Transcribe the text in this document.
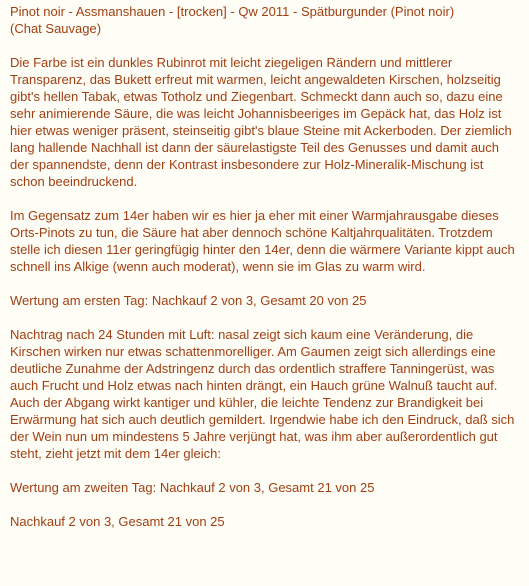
Pinot noir - Assmanshauen - [trocken] - Qw 2011 - Spätburgunder (Pinot noir)
(Chat Sauvage)

Die Farbe ist ein dunkles Rubinrot mit leicht ziegeligen Rändern und mittlerer Transparenz, das Bukett erfreut mit warmen, leicht angewaldeten Kirschen, holzseitig gibt's hellen Tabak, etwas Totholz und Ziegenbart. Schmeckt dann auch so, dazu eine sehr animierende Säure, die was leicht Johannisbeeriges im Gepäck hat, das Holz ist hier etwas weniger präsent, steinseitig gibt's blaue Steine mit Ackerboden. Der ziemlich lang hallende Nachhall ist dann der säurelastigste Teil des Genusses und damit auch der spannendste, denn der Kontrast insbesondere zur Holz-Mineralik-Mischung ist schon beeindruckend.

Im Gegensatz zum 14er haben wir es hier ja eher mit einer Warmjahrausgabe dieses Orts-Pinots zu tun, die Säure hat aber dennoch schöne Kaltjahrqualitäten. Trotzdem stelle ich diesen 11er geringfügig hinter den 14er, denn die wärmere Variante kippt auch schnell ins Alkige (wenn auch moderat), wenn sie im Glas zu warm wird.

Wertung am ersten Tag: Nachkauf 2 von 3, Gesamt 20 von 25

Nachtrag nach 24 Stunden mit Luft: nasal zeigt sich kaum eine Veränderung, die Kirschen wirken nur etwas schattenmorelliger. Am Gaumen zeigt sich allerdings eine deutliche Zunahme der Adstringenz durch das ordentlich straffere Tanningerüst, was auch Frucht und Holz etwas nach hinten drängt, ein Hauch grüne Walnuß taucht auf. Auch der Abgang wirkt kantiger und kühler, die leichte Tendenz zur Brandigkeit bei Erwärmung hat sich auch deutlich gemildert. Irgendwie habe ich den Eindruck, daß sich der Wein nun um mindestens 5 Jahre verjüngt hat, was ihm aber außerordentlich gut steht, zieht jetzt mit dem 14er gleich:

Wertung am zweiten Tag: Nachkauf 2 von 3, Gesamt 21 von 25

Nachkauf 2 von 3, Gesamt 21 von 25
